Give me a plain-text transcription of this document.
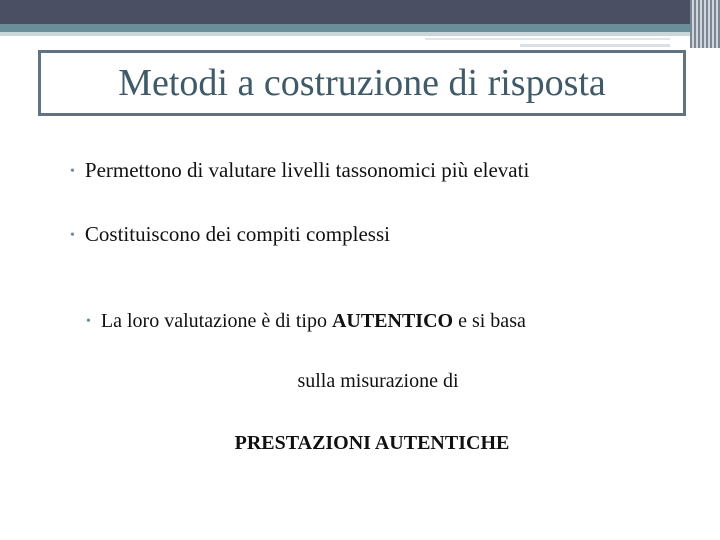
Metodi a costruzione di risposta
• Permettono di valutare livelli tassonomici più elevati
• Costituiscono dei compiti complessi
• La loro valutazione è di tipo AUTENTICO e si basa
sulla misurazione di
PRESTAZIONI AUTENTICHE
